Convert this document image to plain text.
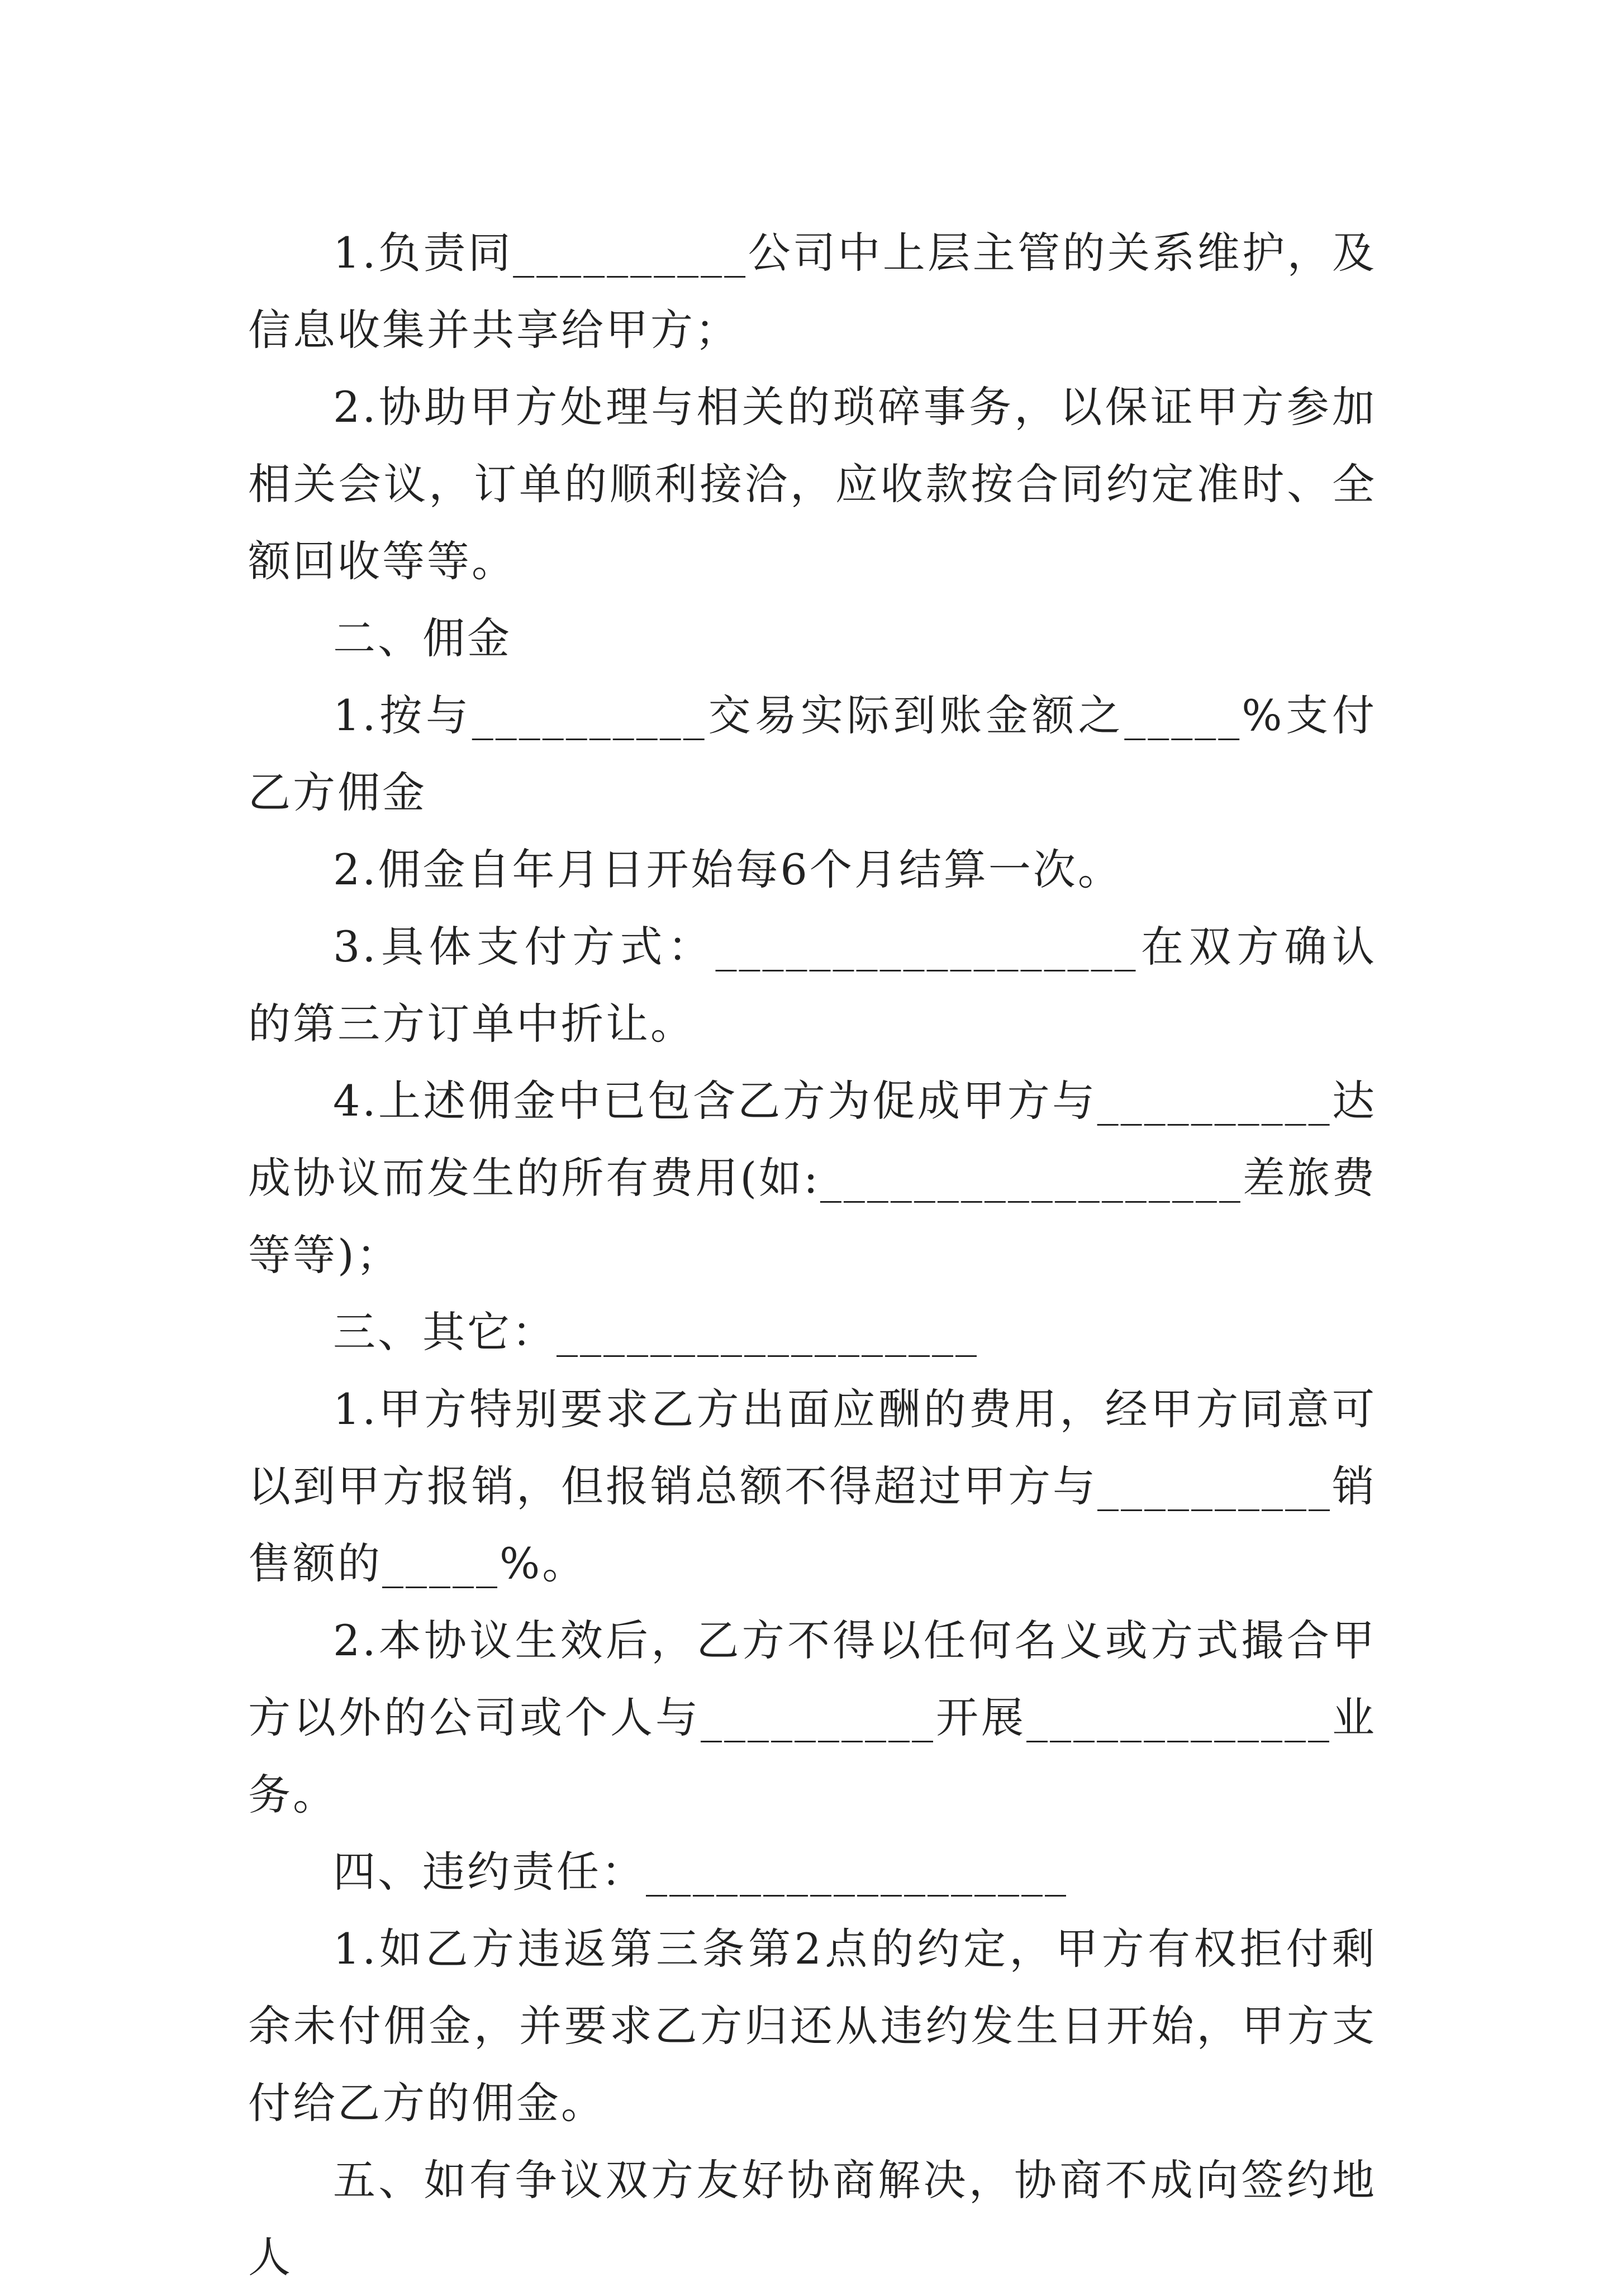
1.负责同__________公司中上层主管的关系维护，及信息收集并共享给甲方；

2.协助甲方处理与相关的琐碎事务，以保证甲方参加相关会议，订单的顺利接洽，应收款按合同约定准时、全额回收等等。

二、佣金

1.按与__________交易实际到账金额之_____%支付乙方佣金

2.佣金自年月日开始每6个月结算一次。

3.具体支付方式：__________________在双方确认的第三方订单中折让。

4.上述佣金中已包含乙方为促成甲方与__________达成协议而发生的所有费用(如:__________________差旅费等等)；

三、其它：__________________

1.甲方特别要求乙方出面应酬的费用，经甲方同意可以到甲方报销，但报销总额不得超过甲方与__________销售额的_____%。

2.本协议生效后，乙方不得以任何名义或方式撮合甲方以外的公司或个人与__________开展_____________业务。

四、违约责任：__________________

1.如乙方违返第三条第2点的约定，甲方有权拒付剩余未付佣金，并要求乙方归还从违约发生日开始，甲方支付给乙方的佣金。

五、如有争议双方友好协商解决，协商不成向签约地人
